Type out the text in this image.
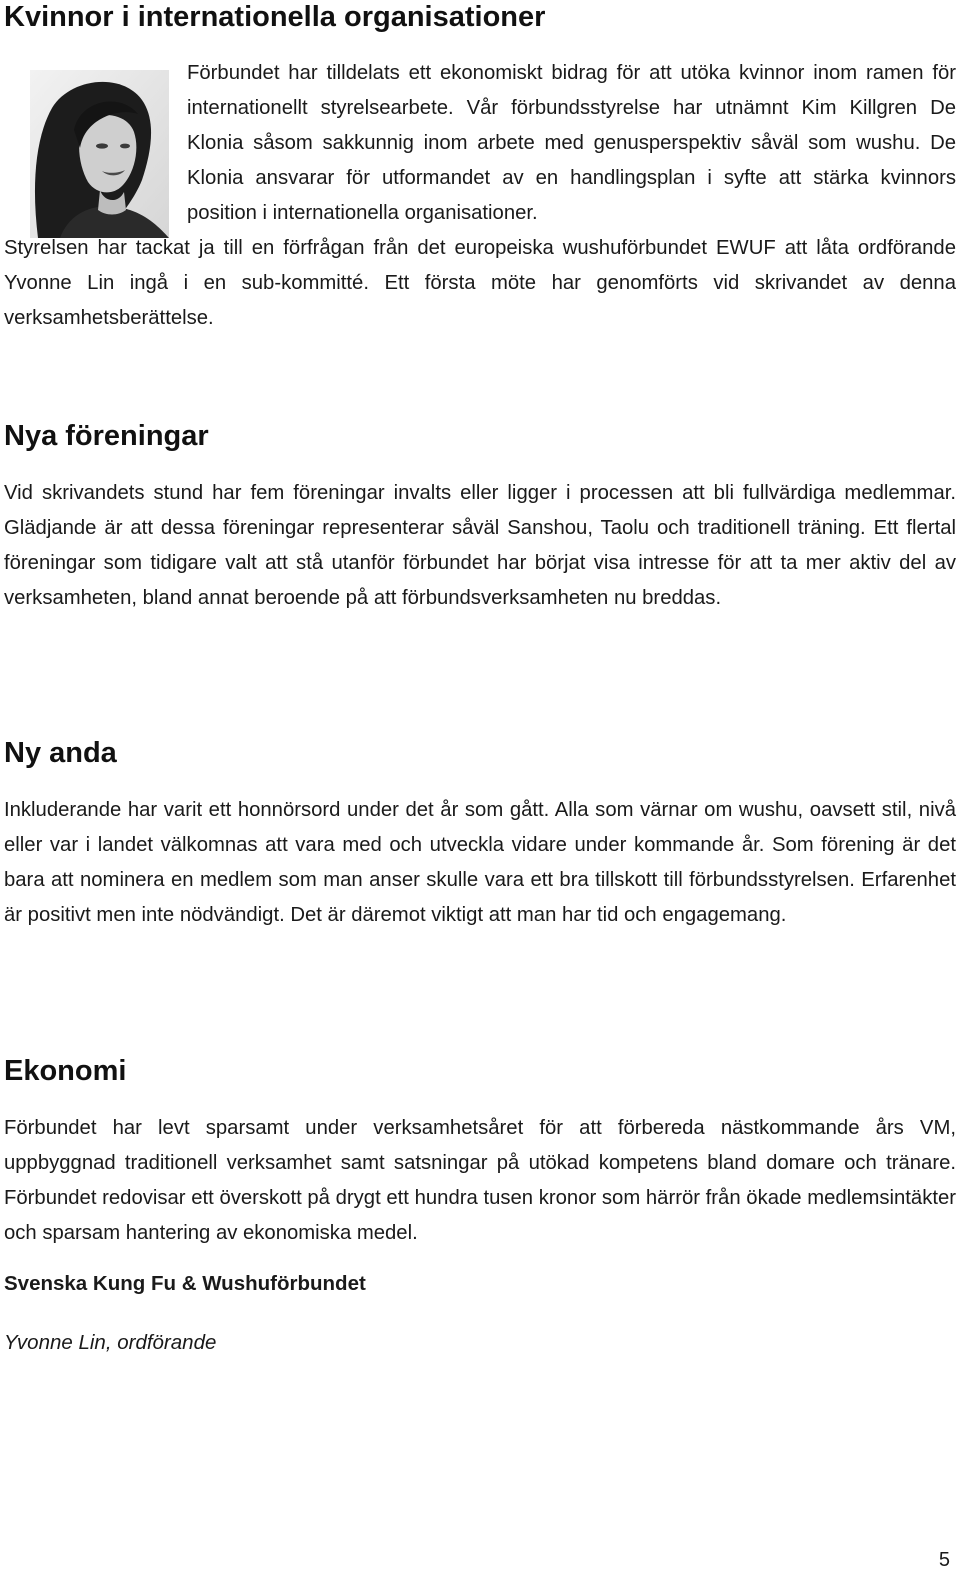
Kvinnor i internationella organisationer

Förbundet har tilldelats ett ekonomiskt bidrag för att utöka kvinnor inom ramen för internationellt styrelsearbete. Vår förbundsstyrelse har utnämnt Kim Killgren De Klonia såsom sakkunnig inom arbete med genusperspektiv såväl som wushu. De Klonia ansvarar för utformandet av en handlingsplan i syfte att stärka kvinnors position i internationella organisationer.

Styrelsen har tackat ja till en förfrågan från det europeiska wushuförbundet EWUF att låta ordförande Yvonne Lin ingå i en sub-kommitté. Ett första möte har genomförts vid skrivandet av denna verksamhetsberättelse.

Nya föreningar

Vid skrivandets stund har fem föreningar invalts eller ligger i processen att bli fullvärdiga medlemmar. Glädjande är att dessa föreningar representerar såväl Sanshou, Taolu och traditionell träning. Ett flertal föreningar som tidigare valt att stå utanför förbundet har börjat visa intresse för att ta mer aktiv del av verksamheten, bland annat beroende på att förbundsverksamheten nu breddas.

Ny anda

Inkluderande har varit ett honnörsord under det år som gått. Alla som värnar om wushu, oavsett stil, nivå eller var i landet välkomnas att vara med och utveckla vidare under kommande år. Som förening är det bara att nominera en medlem som man anser skulle vara ett bra tillskott till förbundsstyrelsen. Erfarenhet är positivt men inte nödvändigt. Det är däremot viktigt att man har tid och engagemang.

Ekonomi

Förbundet har levt sparsamt under verksamhetsåret för att förbereda nästkommande års VM, uppbyggnad traditionell verksamhet samt satsningar på utökad kompetens bland domare och tränare. Förbundet redovisar ett överskott på drygt ett hundra tusen kronor som härrör från ökade medlemsintäkter och sparsam hantering av ekonomiska medel.

Svenska Kung Fu & Wushuförbundet

Yvonne Lin, ordförande

5
